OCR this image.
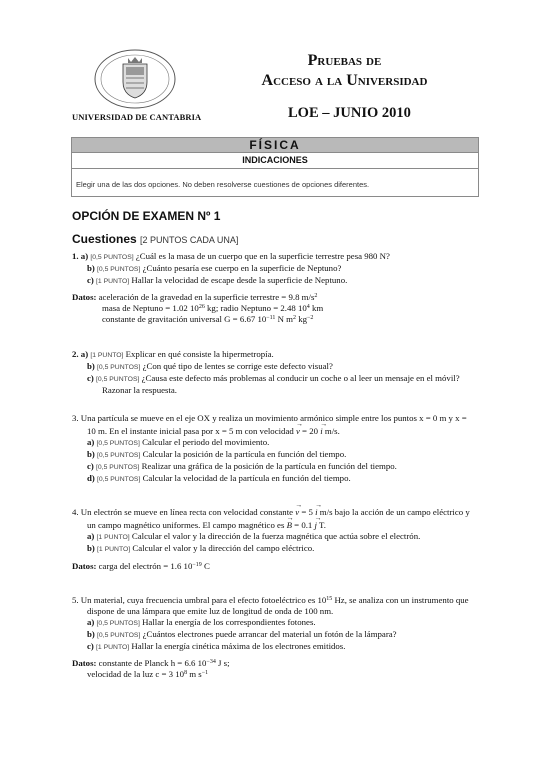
UNIVERSIDAD DE CANTABRIA
Pruebas de
Acceso a la Universidad
LOE – JUNIO 2010
FÍSICA
INDICACIONES
Elegir una de las dos opciones. No deben resolverse cuestiones de opciones diferentes.
OPCIÓN DE EXAMEN Nº 1
Cuestiones [2 PUNTOS CADA UNA]
1. a) [0,5 PUNTOS] ¿Cuál es la masa de un cuerpo que en la superficie terrestre pesa 980 N?
b) [0,5 PUNTOS] ¿Cuánto pesaría ese cuerpo en la superficie de Neptuno?
c) [1 PUNTO] Hallar la velocidad de escape desde la superficie de Neptuno.
Datos: aceleración de la gravedad en la superficie terrestre = 9.8 $m/s^2$
masa de Neptuno = 1.02 $10^{26}$ kg; radio Neptuno = 2.48 $10^4$ km
constante de gravitación universal G = 6.67 $10^{-11}$ N $m^2$ $kg^{-2}$
2. a) [1 PUNTO] Explicar en qué consiste la hipermetropía.
b) [0,5 PUNTOS] ¿Con qué tipo de lentes se corrige este defecto visual?
c) [0,5 PUNTOS] ¿Causa este defecto más problemas al conducir un coche o al leer un mensaje en el móvil?
Razonar la respuesta.
3. Una partícula se mueve en el eje OX y realiza un movimiento armónico simple entre los puntos x = 0 m y x =
10 m. En el instante inicial pasa por x = 5 m con velocidad → v = 20 → i m/s.
a) [0,5 PUNTOS] Calcular el periodo del movimiento.
b) [0,5 PUNTOS] Calcular la posición de la partícula en función del tiempo.
c) [0,5 PUNTOS] Realizar una gráfica de la posición de la partícula en función del tiempo.
d) [0,5 PUNTOS] Calcular la velocidad de la partícula en función del tiempo.
4. Un electrón se mueve en línea recta con velocidad constante → v = 5 → i m/s bajo la acción de un campo eléctrico y
un campo magnético uniformes. El campo magnético es → B = 0.1 → j T.
a) [1 PUNTO] Calcular el valor y la dirección de la fuerza magnética que actúa sobre el electrón.
b) [1 PUNTO] Calcular el valor y la dirección del campo eléctrico.
Datos: carga del electrón = 1.6 $10^{-19}$ C
5. Un material, cuya frecuencia umbral para el efecto fotoeléctrico es $10^{15}$ Hz, se analiza con un instrumento que
dispone de una lámpara que emite luz de longitud de onda de 100 nm.
a) [0,5 PUNTOS] Hallar la energía de los correspondientes fotones.
b) [0,5 PUNTOS] ¿Cuántos electrones puede arrancar del material un fotón de la lámpara?
c) [1 PUNTO] Hallar la energía cinética máxima de los electrones emitidos.
Datos: constante de Planck h = 6.6 $10^{-34}$ J s;
velocidad de la luz c = 3 $10^8$ m $s^{-1}$
